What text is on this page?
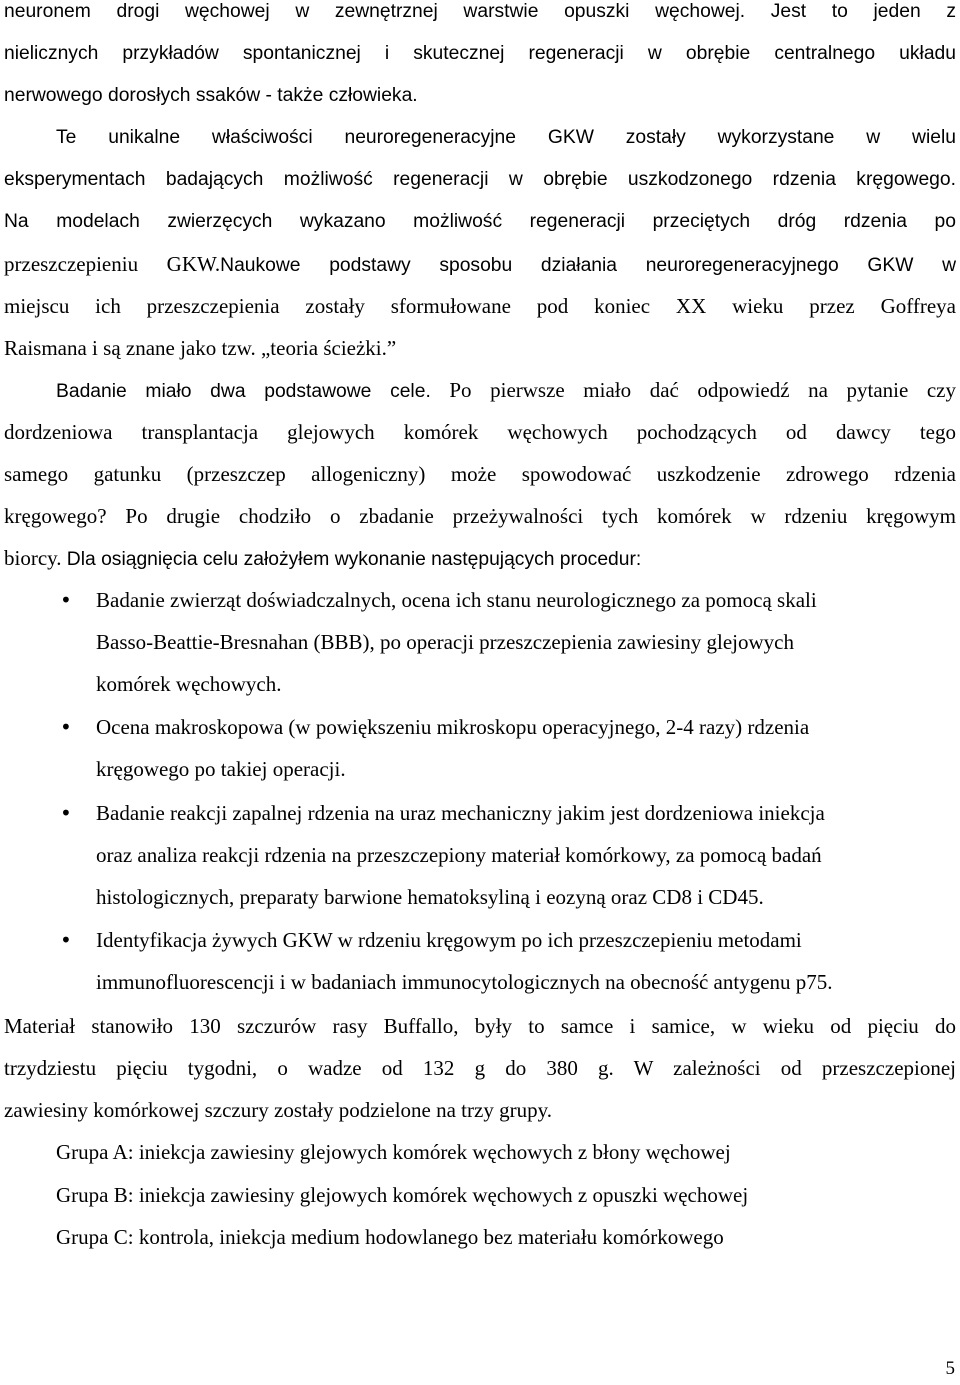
neuronem drogi węchowej w zewnętrznej warstwie opuszki węchowej. Jest to jeden z
nielicznych przykładów spontanicznej i skutecznej regeneracji w obrębie centralnego układu
nerwowego dorosłych ssaków - także człowieka.
Te unikalne właściwości neuroregeneracyjne GKW zostały wykorzystane w wielu
eksperymentach badających możliwość regeneracji w obrębie uszkodzonego rdzenia kręgowego.
Na modelach zwierzęcych wykazano możliwość regeneracji przeciętych dróg rdzenia po
przeszczepieniu GKW.Naukowe podstawy sposobu działania neuroregeneracyjnego GKW w
miejscu ich przeszczepienia zostały sformułowane pod koniec XX wieku przez Goffreya
Raismana i są znane jako tzw. „teoria ścieżki.”
Badanie miało dwa podstawowe cele. Po pierwsze miało dać odpowiedź na pytanie czy
dordzeniowa transplantacja glejowych komórek węchowych pochodzących od dawcy tego
samego gatunku (przeszczep allogeniczny) może spowodować uszkodzenie zdrowego rdzenia
kręgowego? Po drugie chodziło o zbadanie przeżywalności tych komórek w rdzeniu kręgowym
biorcy. Dla osiągnięcia celu założyłem wykonanie następujących procedur:
•	Badanie zwierząt doświadczalnych, ocena ich stanu neurologicznego za pomocą skali
Basso-Beattie-Bresnahan (BBB), po operacji przeszczepienia zawiesiny glejowych
komórek węchowych.
•	Ocena makroskopowa (w powiększeniu mikroskopu operacyjnego, 2-4 razy) rdzenia
kręgowego po takiej operacji.
•	Badanie reakcji zapalnej rdzenia na uraz mechaniczny jakim jest dordzeniowa iniekcja
oraz analiza reakcji rdzenia na przeszczepiony materiał komórkowy, za pomocą badań
histologicznych, preparaty barwione hematoksyliną i eozyną oraz CD8 i CD45.
•	Identyfikacja żywych GKW w rdzeniu kręgowym po ich przeszczepieniu metodami
immunofluorescencji i w badaniach immunocytologicznych na obecność antygenu p75.
Materiał stanowiło 130 szczurów rasy Buffallo, były to samce i samice, w wieku od pięciu do
trzydziestu pięciu tygodni, o wadze od 132 g do 380 g. W zależności od przeszczepionej
zawiesiny komórkowej szczury zostały podzielone na trzy grupy.
Grupa A: iniekcja zawiesiny glejowych komórek węchowych z błony węchowej
Grupa B: iniekcja zawiesiny glejowych komórek węchowych z opuszki węchowej
Grupa C: kontrola, iniekcja medium hodowlanego bez materiału komórkowego
5
